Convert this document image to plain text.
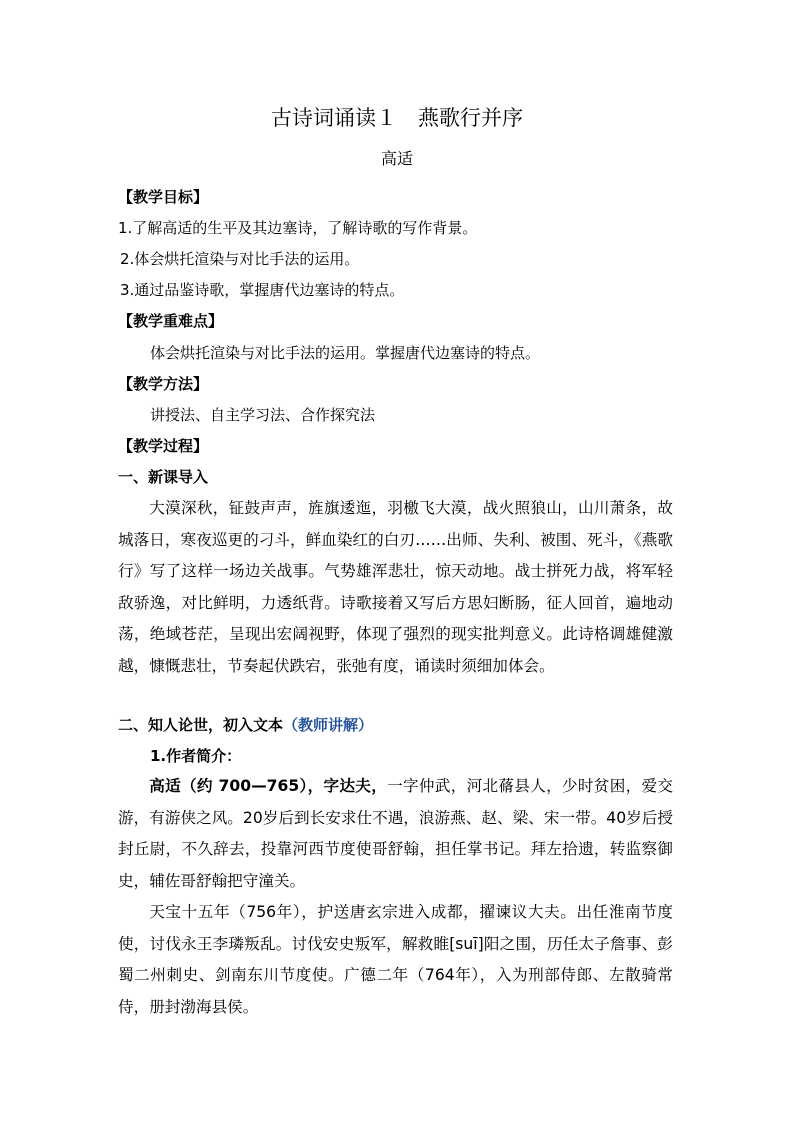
古诗词诵读１　燕歌行并序
高适
【教学目标】
1.了解高适的生平及其边塞诗，了解诗歌的写作背景。
2.体会烘托渲染与对比手法的运用。
3.通过品鉴诗歌，掌握唐代边塞诗的特点。
【教学重难点】
体会烘托渲染与对比手法的运用。掌握唐代边塞诗的特点。
【教学方法】
讲授法、自主学习法、合作探究法
【教学过程】
一、新课导入
大漠深秋，钲鼓声声，旌旗逶迤，羽檄飞大漠，战火照狼山，山川萧条，故城落日，寒夜巡更的刁斗，鲜血染红的白刃……出师、失利、被围、死斗，《燕歌行》写了这样一场边关战事。气势雄浑悲壮，惊天动地。战士拼死力战，将军轻敌骄逸，对比鲜明，力透纸背。诗歌接着又写后方思妇断肠，征人回首，遍地动荡，绝域苍茫，呈现出宏阔视野，体现了强烈的现实批判意义。此诗格调雄健激越，慷慨悲壮，节奏起伏跌宕，张弛有度，诵读时须细加体会。
二、知人论世，初入文本（教师讲解）
1.作者简介：
高适（约 700—765），字达夫，一字仲武，河北蓨县人，少时贫困，爱交游，有游侠之风。20岁后到长安求仕不遇，浪游燕、赵、梁、宋一带。40岁后授封丘尉，不久辞去，投靠河西节度使哥舒翰，担任掌书记。拜左拾遗，转监察御史，辅佐哥舒翰把守潼关。
天宝十五年（756年），护送唐玄宗进入成都，擢谏议大夫。出任淮南节度使，讨伐永王李璘叛乱。讨伐安史叛军，解救睢[suī]阳之围，历任太子詹事、彭蜀二州刺史、剑南东川节度使。广德二年（764年），入为刑部侍郎、左散骑常侍，册封渤海县侯。
